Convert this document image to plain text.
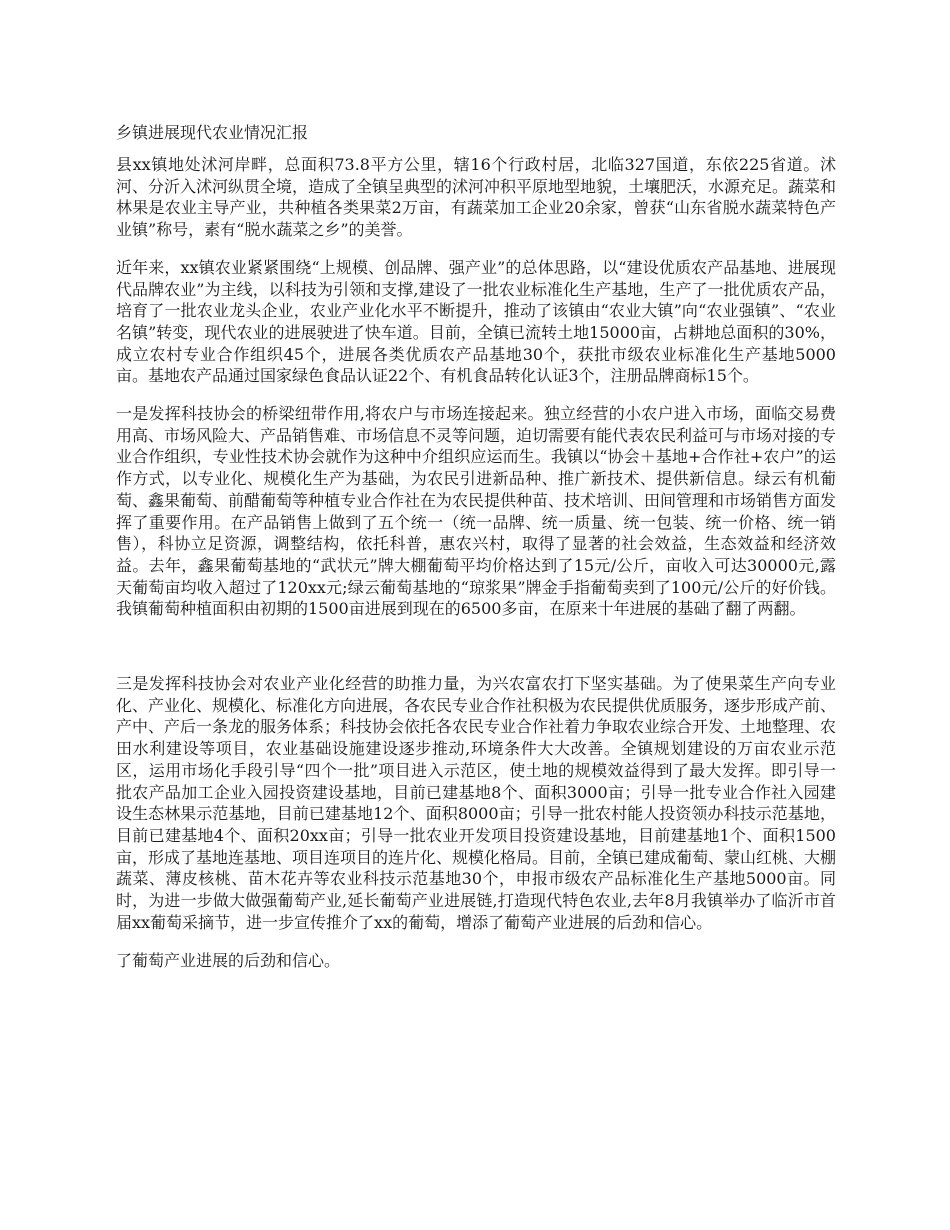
乡镇进展现代农业情况汇报

县xx镇地处沭河岸畔，总面积73.8平方公里，辖16个行政村居，北临327国道，东依225省道。沭河、分沂入沭河纵贯全境，造成了全镇呈典型的沭河冲积平原地型地貌，土壤肥沃，水源充足。蔬菜和林果是农业主导产业，共种植各类果菜2万亩，有蔬菜加工企业20余家，曾获“山东省脱水蔬菜特色产业镇”称号，素有“脱水蔬菜之乡”的美誉。

近年来，xx镇农业紧紧围绕“上规模、创品牌、强产业”的总体思路，以“建设优质农产品基地、进展现代品牌农业”为主线，以科技为引领和支撑,建设了一批农业标准化生产基地，生产了一批优质农产品，培育了一批农业龙头企业，农业产业化水平不断提升，推动了该镇由“农业大镇”向“农业强镇”、“农业名镇”转变，现代农业的进展驶进了快车道。目前，全镇已流转土地15000亩，占耕地总面积的30%，成立农村专业合作组织45个，进展各类优质农产品基地30个，获批市级农业标准化生产基地5000亩。基地农产品通过国家绿色食品认证22个、有机食品转化认证3个，注册品牌商标15个。

一是发挥科技协会的桥梁纽带作用,将农户与市场连接起来。独立经营的小农户进入市场，面临交易费用高、市场风险大、产品销售难、市场信息不灵等问题，迫切需要有能代表农民利益可与市场对接的专业合作组织，专业性技术协会就作为这种中介组织应运而生。我镇以“协会＋基地+合作社+农户”的运作方式，以专业化、规模化生产为基础，为农民引进新品种、推广新技术、提供新信息。绿云有机葡萄、鑫果葡萄、前醋葡萄等种植专业合作社在为农民提供种苗、技术培训、田间管理和市场销售方面发挥了重要作用。在产品销售上做到了五个统一（统一品牌、统一质量、统一包装、统一价格、统一销售），科协立足资源，调整结构，依托科普，惠农兴村，取得了显著的社会效益，生态效益和经济效益。去年，鑫果葡萄基地的“武状元”牌大棚葡萄平均价格达到了15元/公斤，亩收入可达30000元,露天葡萄亩均收入超过了120xx元;绿云葡萄基地的“琼浆果”牌金手指葡萄卖到了100元/公斤的好价钱。我镇葡萄种植面积由初期的1500亩进展到现在的6500多亩，在原来十年进展的基础了翻了两翻。

三是发挥科技协会对农业产业化经营的助推力量，为兴农富农打下坚实基础。为了使果菜生产向专业化、产业化、规模化、标准化方向进展，各农民专业合作社积极为农民提供优质服务，逐步形成产前、产中、产后一条龙的服务体系；科技协会依托各农民专业合作社着力争取农业综合开发、土地整理、农田水利建设等项目，农业基础设施建设逐步推动,环境条件大大改善。全镇规划建设的万亩农业示范区，运用市场化手段引导“四个一批”项目进入示范区，使土地的规模效益得到了最大发挥。即引导一批农产品加工企业入园投资建设基地，目前已建基地8个、面积3000亩；引导一批专业合作社入园建设生态林果示范基地，目前已建基地12个、面积8000亩；引导一批农村能人投资领办科技示范基地，目前已建基地4个、面积20xx亩；引导一批农业开发项目投资建设基地，目前建基地1个、面积1500亩，形成了基地连基地、项目连项目的连片化、规模化格局。目前，全镇已建成葡萄、蒙山红桃、大棚蔬菜、薄皮核桃、苗木花卉等农业科技示范基地30个，申报市级农产品标准化生产基地5000亩。同时，为进一步做大做强葡萄产业,延长葡萄产业进展链,打造现代特色农业,去年8月我镇举办了临沂市首届xx葡萄采摘节，进一步宣传推介了xx的葡萄，增添了葡萄产业进展的后劲和信心。

了葡萄产业进展的后劲和信心。
